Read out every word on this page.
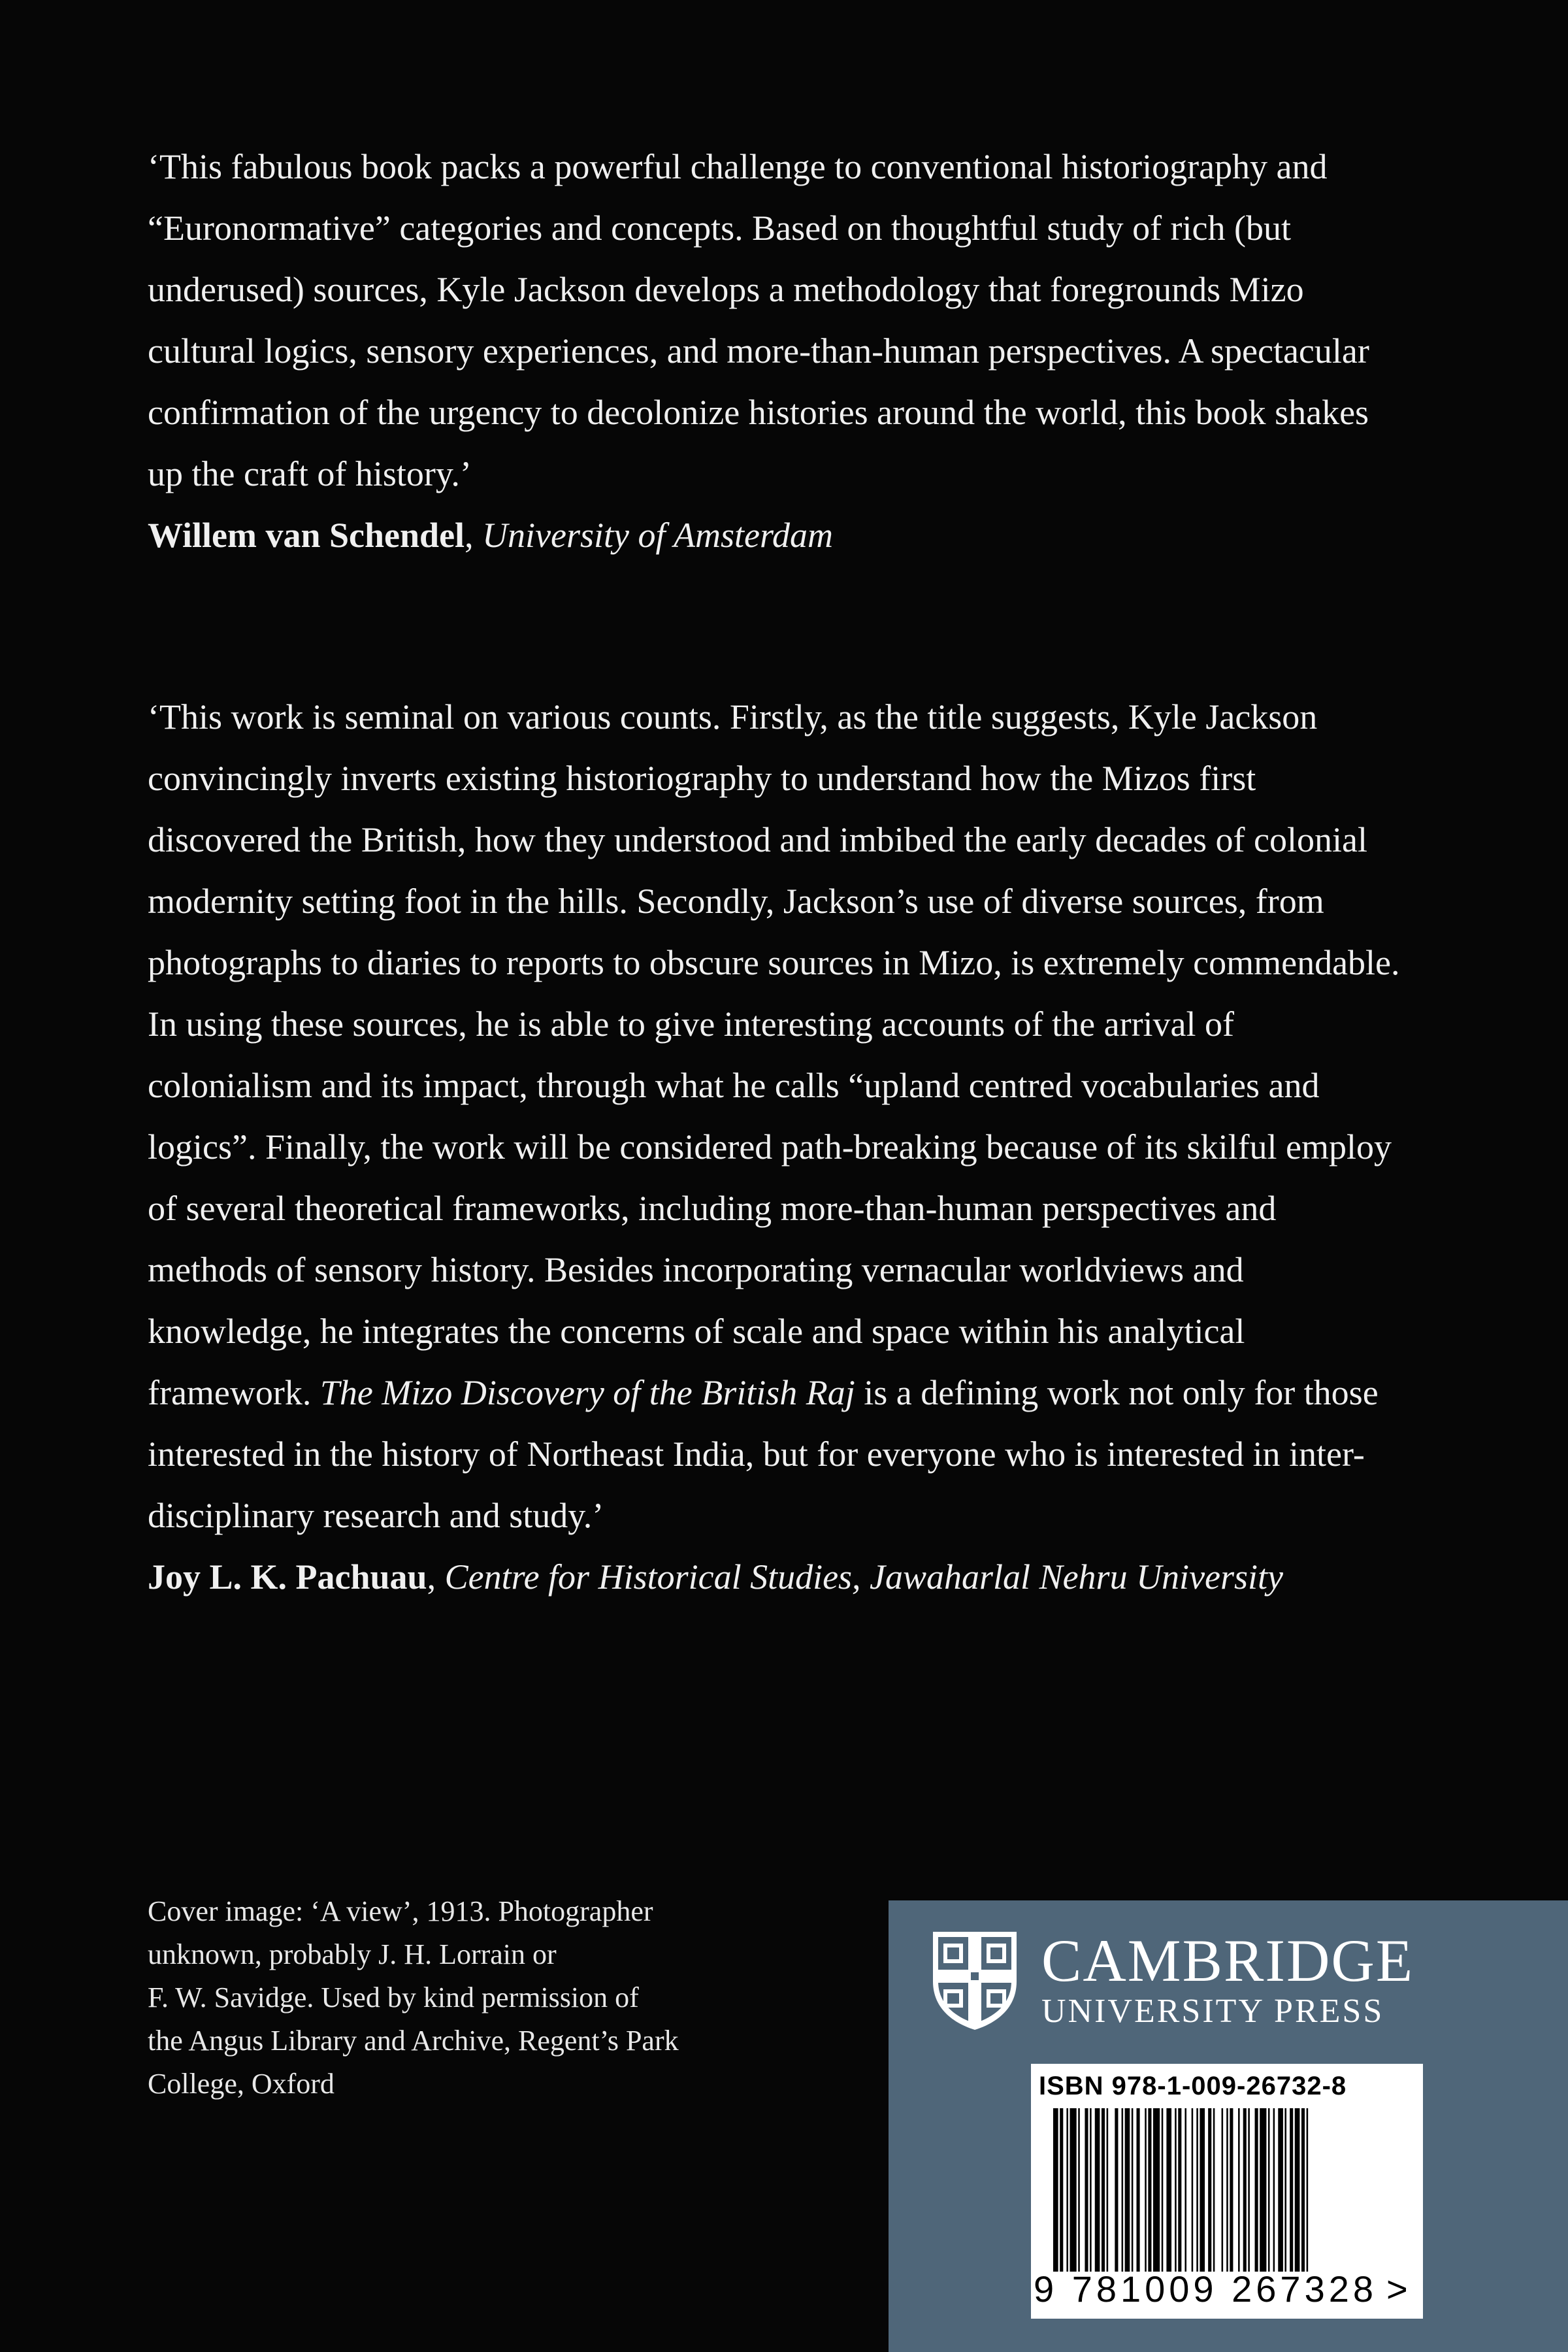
‘This fabulous book packs a powerful challenge to conventional historiography and “Euronormative” categories and concepts. Based on thoughtful study of rich (but underused) sources, Kyle Jackson develops a methodology that foregrounds Mizo cultural logics, sensory experiences, and more-than-human perspectives. A spectacular confirmation of the urgency to decolonize histories around the world, this book shakes up the craft of history.’

Willem van Schendel, University of Amsterdam

‘This work is seminal on various counts. Firstly, as the title suggests, Kyle Jackson convincingly inverts existing historiography to understand how the Mizos first discovered the British, how they understood and imbibed the early decades of colonial modernity setting foot in the hills. Secondly, Jackson’s use of diverse sources, from photographs to diaries to reports to obscure sources in Mizo, is extremely commendable. In using these sources, he is able to give interesting accounts of the arrival of colonialism and its impact, through what he calls “upland centred vocabularies and logics”. Finally, the work will be considered path-breaking because of its skilful employ of several theoretical frameworks, including more-than-human perspectives and methods of sensory history. Besides incorporating vernacular worldviews and knowledge, he integrates the concerns of scale and space within his analytical framework. The Mizo Discovery of the British Raj is a defining work not only for those interested in the history of Northeast India, but for everyone who is interested in inter-disciplinary research and study.’

Joy L. K. Pachuau, Centre for Historical Studies, Jawaharlal Nehru University

Cover image: ‘A view’, 1913. Photographer
unknown, probably J. H. Lorrain or
F. W. Savidge. Used by kind permission of
the Angus Library and Archive, Regent’s Park
College, Oxford
CAMBRIDGE
UNIVERSITY PRESS
ISBN 978-1-009-26732-8
9 781009 267328 >
